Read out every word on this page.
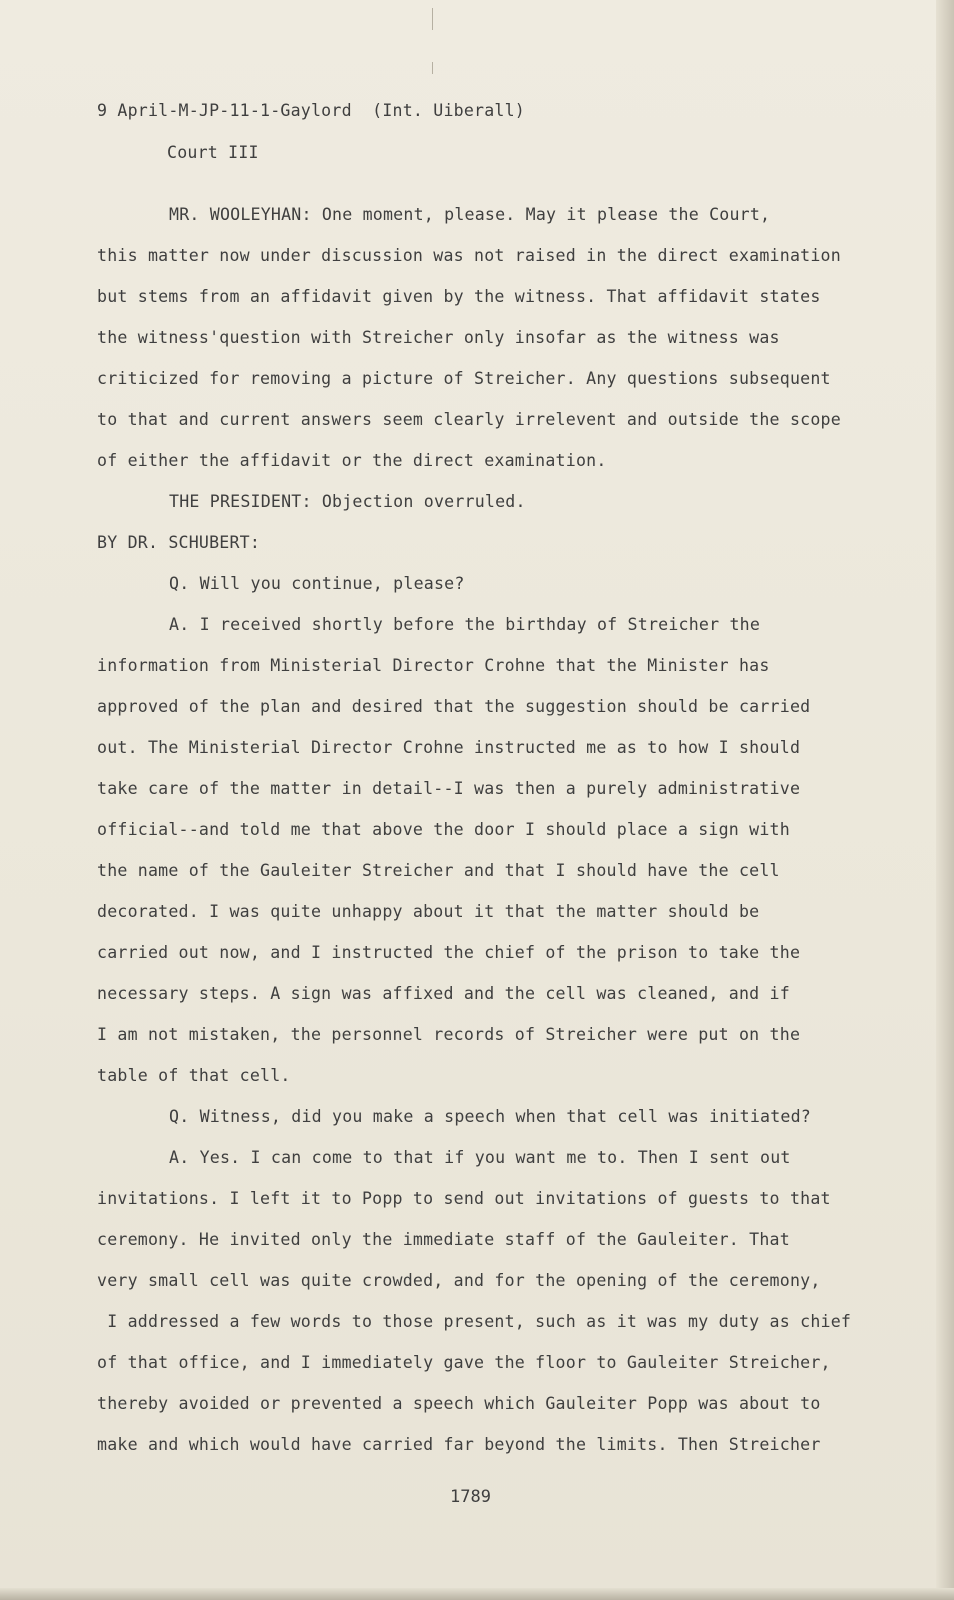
9 April-M-JP-11-1-Gaylord  (Int. Uiberall)
Court III
MR. WOOLEYHAN: One moment, please. May it please the Court,
this matter now under discussion was not raised in the direct examination
but stems from an affidavit given by the witness. That affidavit states
the witness'question with Streicher only insofar as the witness was
criticized for removing a picture of Streicher. Any questions subsequent
to that and current answers seem clearly irrelevent and outside the scope
of either the affidavit or the direct examination.
THE PRESIDENT: Objection overruled.
BY DR. SCHUBERT:
Q. Will you continue, please?
A. I received shortly before the birthday of Streicher the
information from Ministerial Director Crohne that the Minister has
approved of the plan and desired that the suggestion should be carried
out. The Ministerial Director Crohne instructed me as to how I should
take care of the matter in detail--I was then a purely administrative
official--and told me that above the door I should place a sign with
the name of the Gauleiter Streicher and that I should have the cell
decorated. I was quite unhappy about it that the matter should be
carried out now, and I instructed the chief of the prison to take the
necessary steps. A sign was affixed and the cell was cleaned, and if
I am not mistaken, the personnel records of Streicher were put on the
table of that cell.
Q. Witness, did you make a speech when that cell was initiated?
A. Yes. I can come to that if you want me to. Then I sent out
invitations. I left it to Popp to send out invitations of guests to that
ceremony. He invited only the immediate staff of the Gauleiter. That
very small cell was quite crowded, and for the opening of the ceremony,
I addressed a few words to those present, such as it was my duty as chief
of that office, and I immediately gave the floor to Gauleiter Streicher,
thereby avoided or prevented a speech which Gauleiter Popp was about to
make and which would have carried far beyond the limits. Then Streicher
1789
